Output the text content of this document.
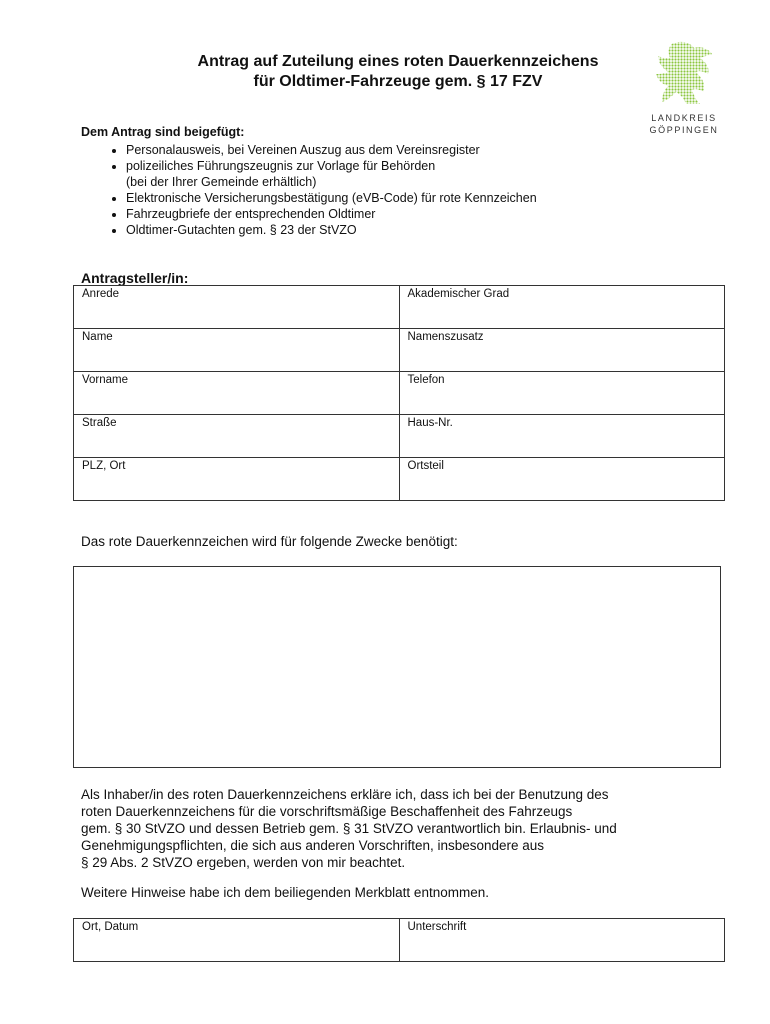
Antrag auf Zuteilung eines roten Dauerkennzeichens
für Oldtimer-Fahrzeuge gem. § 17 FZV
LANDKREIS
GÖPPINGEN
Dem Antrag sind beigefügt:
• Personalausweis, bei Vereinen Auszug aus dem Vereinsregister
• polizeiliches Führungszeugnis zur Vorlage für Behörden
(bei der Ihrer Gemeinde erhältlich)
• Elektronische Versicherungsbestätigung (eVB-Code) für rote Kennzeichen
• Fahrzeugbriefe der entsprechenden Oldtimer
• Oldtimer-Gutachten gem. § 23 der StVZO
Antragsteller/in:
Anrede	Akademischer Grad
Name	Namenszusatz
Vorname	Telefon
Straße	Haus-Nr.
PLZ, Ort	Ortsteil
Das rote Dauerkennzeichen wird für folgende Zwecke benötigt:
Als Inhaber/in des roten Dauerkennzeichens erkläre ich, dass ich bei der Benutzung des
roten Dauerkennzeichens für die vorschriftsmäßige Beschaffenheit des Fahrzeugs
gem. § 30 StVZO und dessen Betrieb gem. § 31 StVZO verantwortlich bin. Erlaubnis- und
Genehmigungspflichten, die sich aus anderen Vorschriften, insbesondere aus
§ 29 Abs. 2 StVZO ergeben, werden von mir beachtet.
Weitere Hinweise habe ich dem beiliegenden Merkblatt entnommen.
Ort, Datum	Unterschrift
